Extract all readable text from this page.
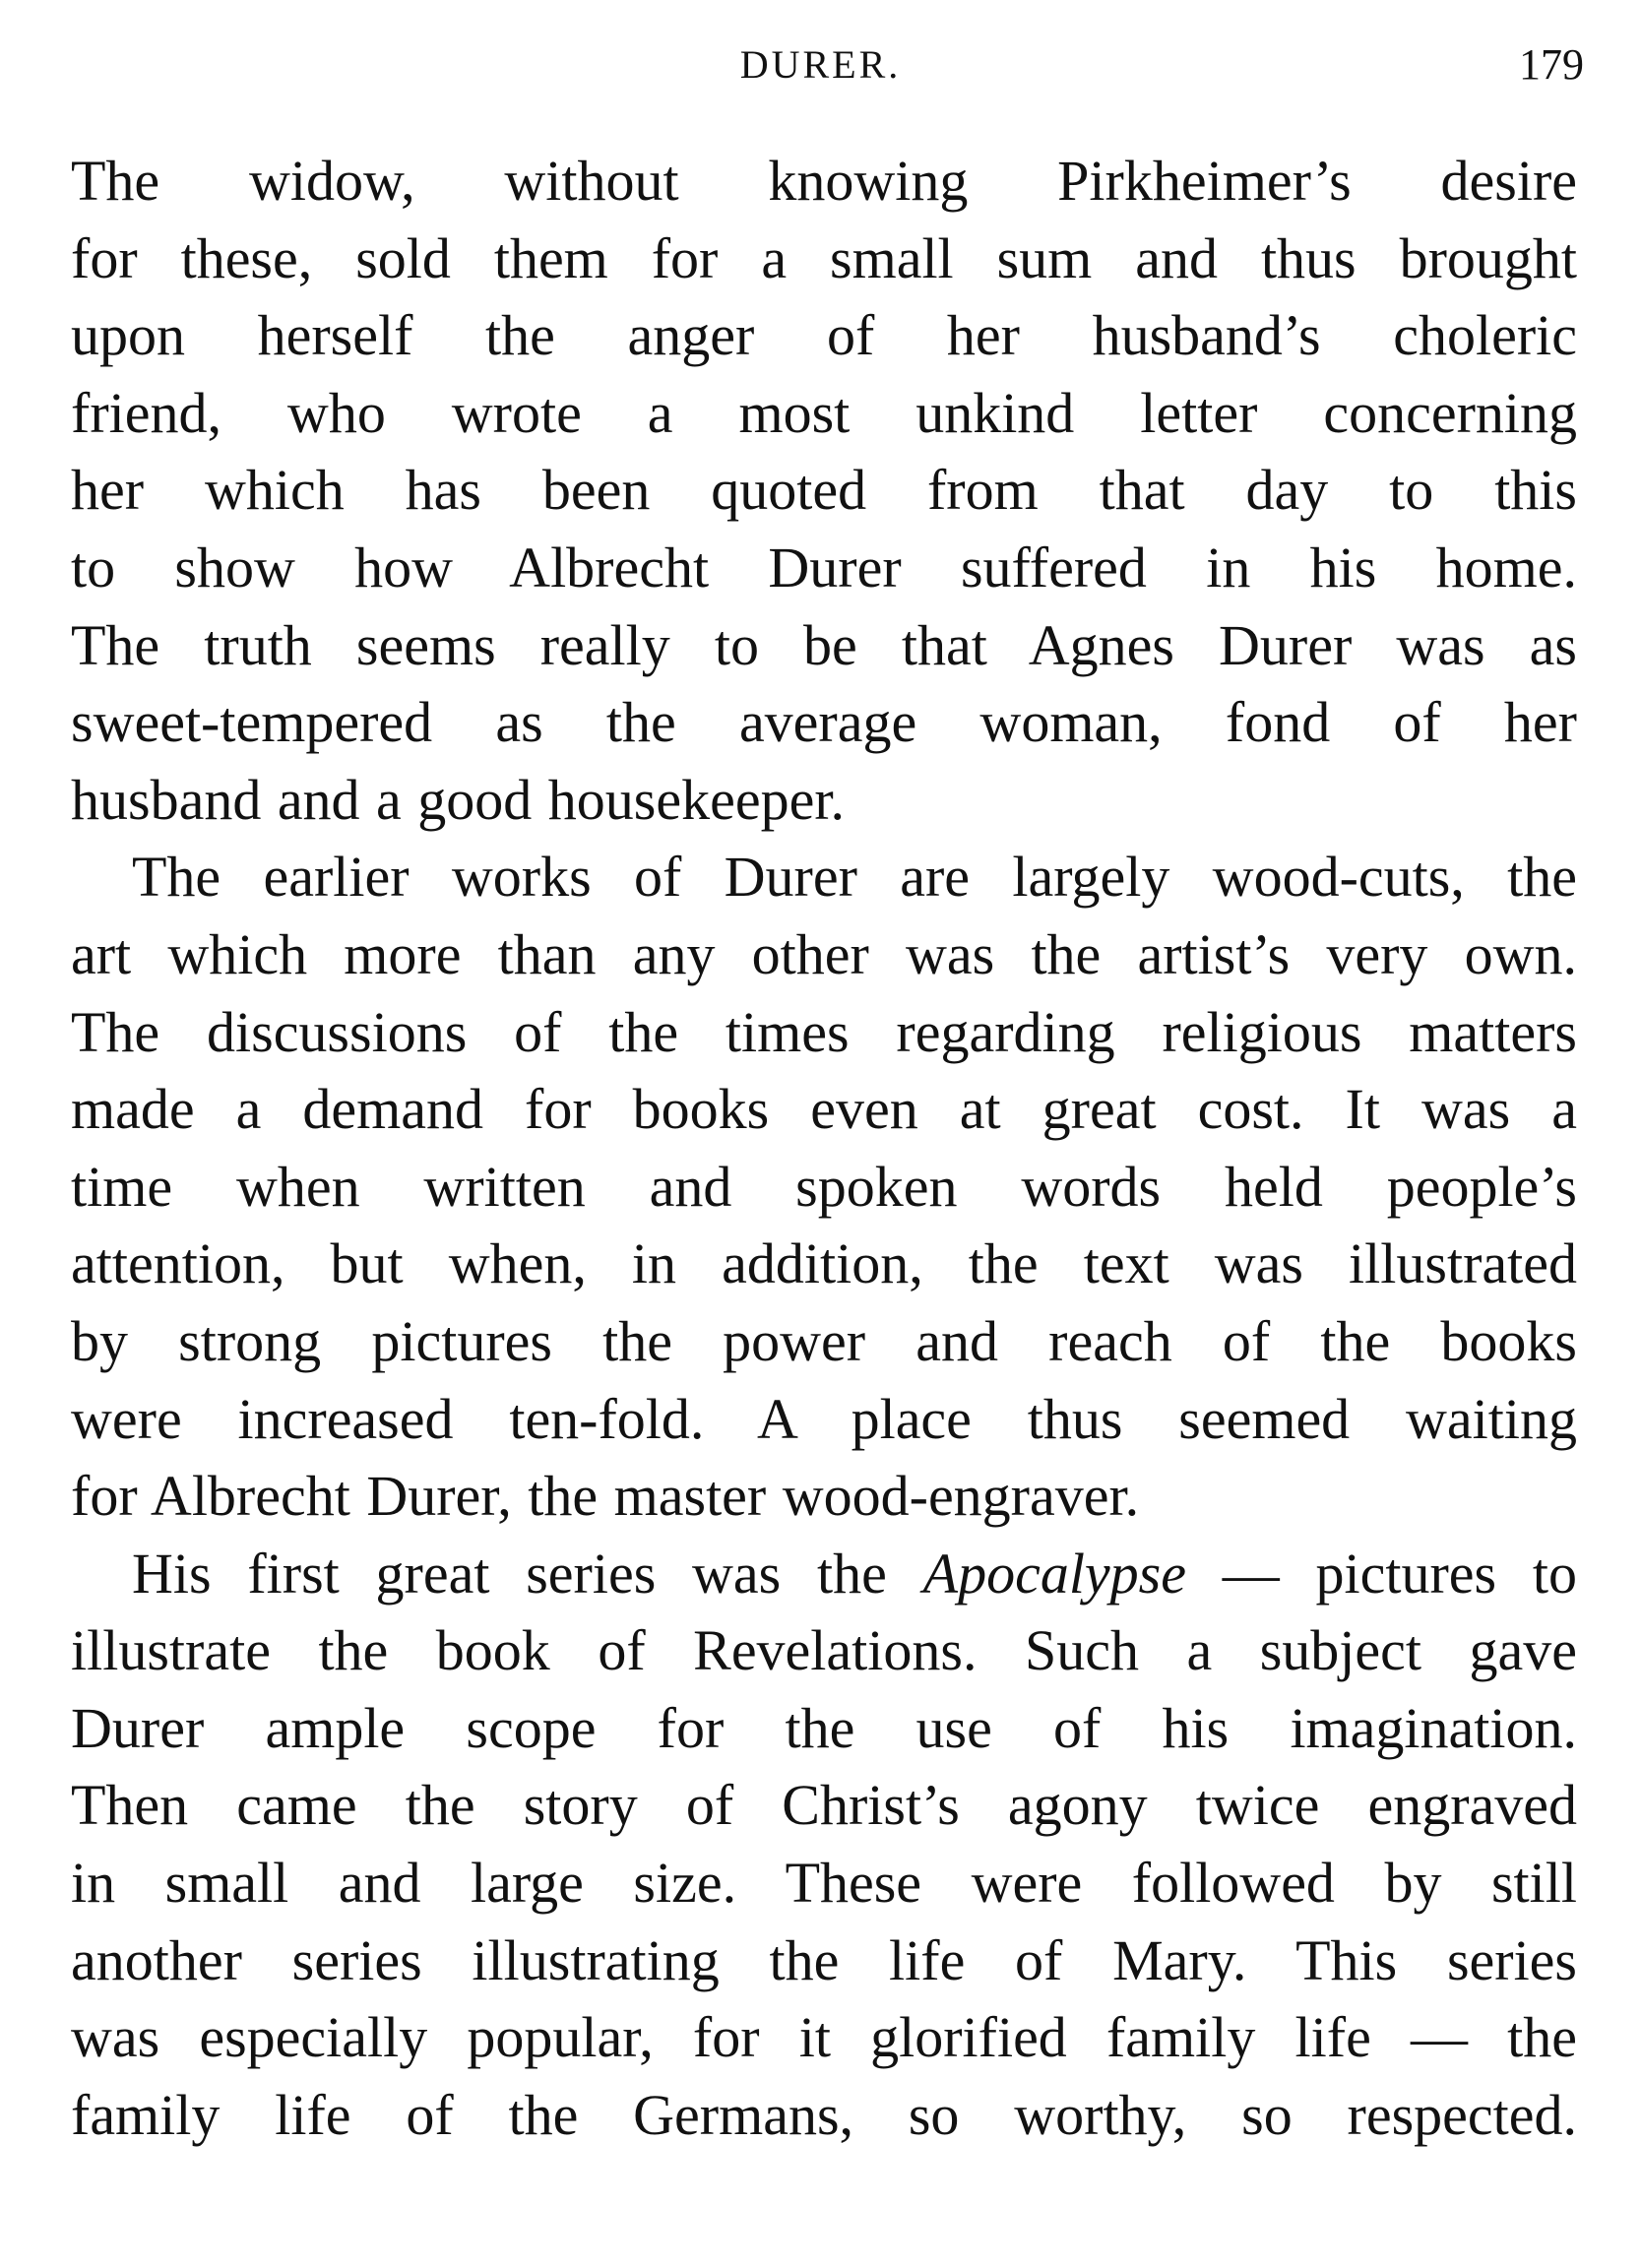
DURER.	179

The widow, without knowing Pirkheimer’s desire
for these, sold them for a small sum and thus brought
upon herself the anger of her husband’s choleric
friend, who wrote a most unkind letter concerning
her which has been quoted from that day to this
to show how Albrecht Durer suffered in his home.
The truth seems really to be that Agnes Durer was as
sweet-tempered as the average woman, fond of her
husband and a good housekeeper.

The earlier works of Durer are largely wood-cuts, the
art which more than any other was the artist’s very own.
The discussions of the times regarding religious matters
made a demand for books even at great cost. It was a
time when written and spoken words held people’s
attention, but when, in addition, the text was illustrated
by strong pictures the power and reach of the books
were increased ten-fold. A place thus seemed waiting
for Albrecht Durer, the master wood-engraver.

His first great series was the Apocalypse — pictures to
illustrate the book of Revelations. Such a subject gave
Durer ample scope for the use of his imagination.
Then came the story of Christ’s agony twice engraved
in small and large size. These were followed by still
another series illustrating the life of Mary. This series
was especially popular, for it glorified family life — the
family life of the Germans, so worthy, so respected.
